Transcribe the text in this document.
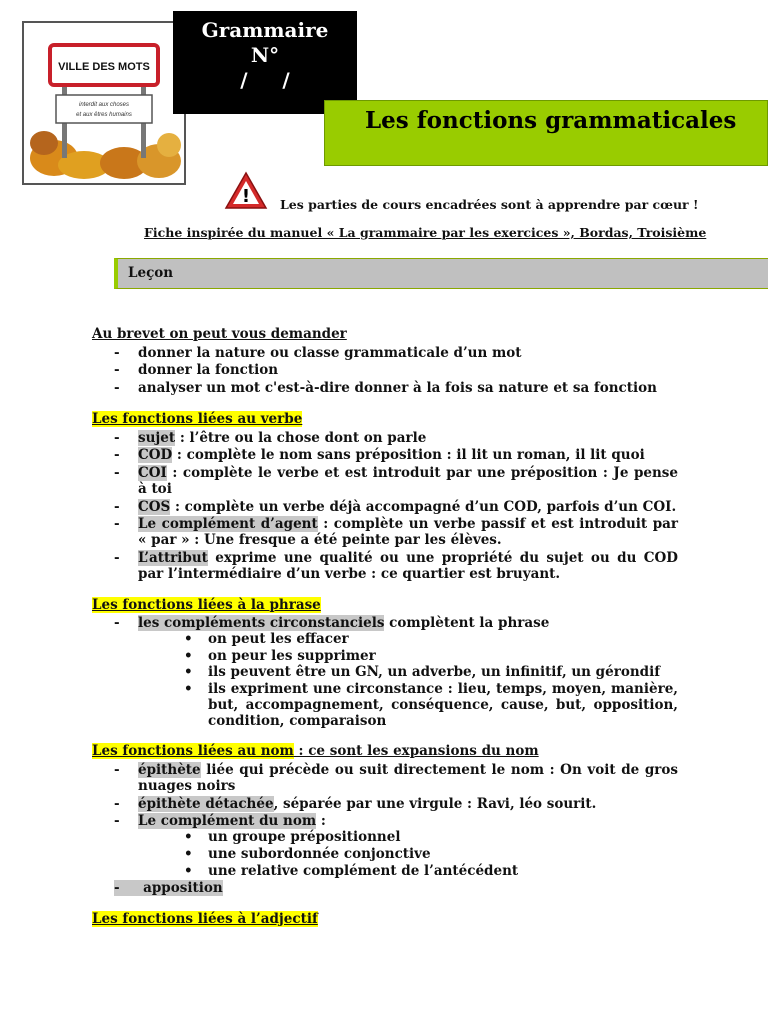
VILLE DES MOTS
interdit aux choses
et aux êtres humains
Grammaire
N°
/     /
Les fonctions grammaticales
! Les parties de cours encadrées sont à apprendre par cœur !
Fiche inspirée du manuel « La grammaire par les exercices », Bordas, Troisième
Leçon
Au brevet on peut vous demander
- donner la nature ou classe grammaticale d’un mot
- donner la fonction
- analyser un mot c'est-à-dire donner à la fois sa nature et sa fonction
Les fonctions liées au verbe
- sujet : l’être ou la chose dont on parle
- COD : complète le nom sans préposition : il lit un roman, il lit quoi
- COI : complète le verbe et est introduit par une préposition : Je pense à toi
- COS : complète un verbe déjà accompagné d’un COD, parfois d’un COI.
- Le complément d’agent : complète un verbe passif et est introduit par « par » : Une fresque a été peinte par les élèves.
- L’attribut exprime une qualité ou une propriété du sujet ou du COD par l’intermédiaire d’un verbe : ce quartier est bruyant.
Les fonctions liées à la phrase
- les compléments circonstanciels complètent la phrase
• on peut les effacer
• on peur les supprimer
• ils peuvent être un GN, un adverbe, un infinitif, un gérondif
• ils expriment une circonstance : lieu, temps, moyen, manière, but, accompagnement, conséquence, cause, but, opposition, condition, comparaison
Les fonctions liées au nom : ce sont les expansions du nom
- épithète liée qui précède ou suit directement le nom : On voit de gros nuages noirs
- épithète détachée, séparée par une virgule : Ravi, léo sourit.
- Le complément du nom :
• un groupe prépositionnel
• une subordonnée conjonctive
• une relative complément de l’antécédent
- apposition
Les fonctions liées à l’adjectif
